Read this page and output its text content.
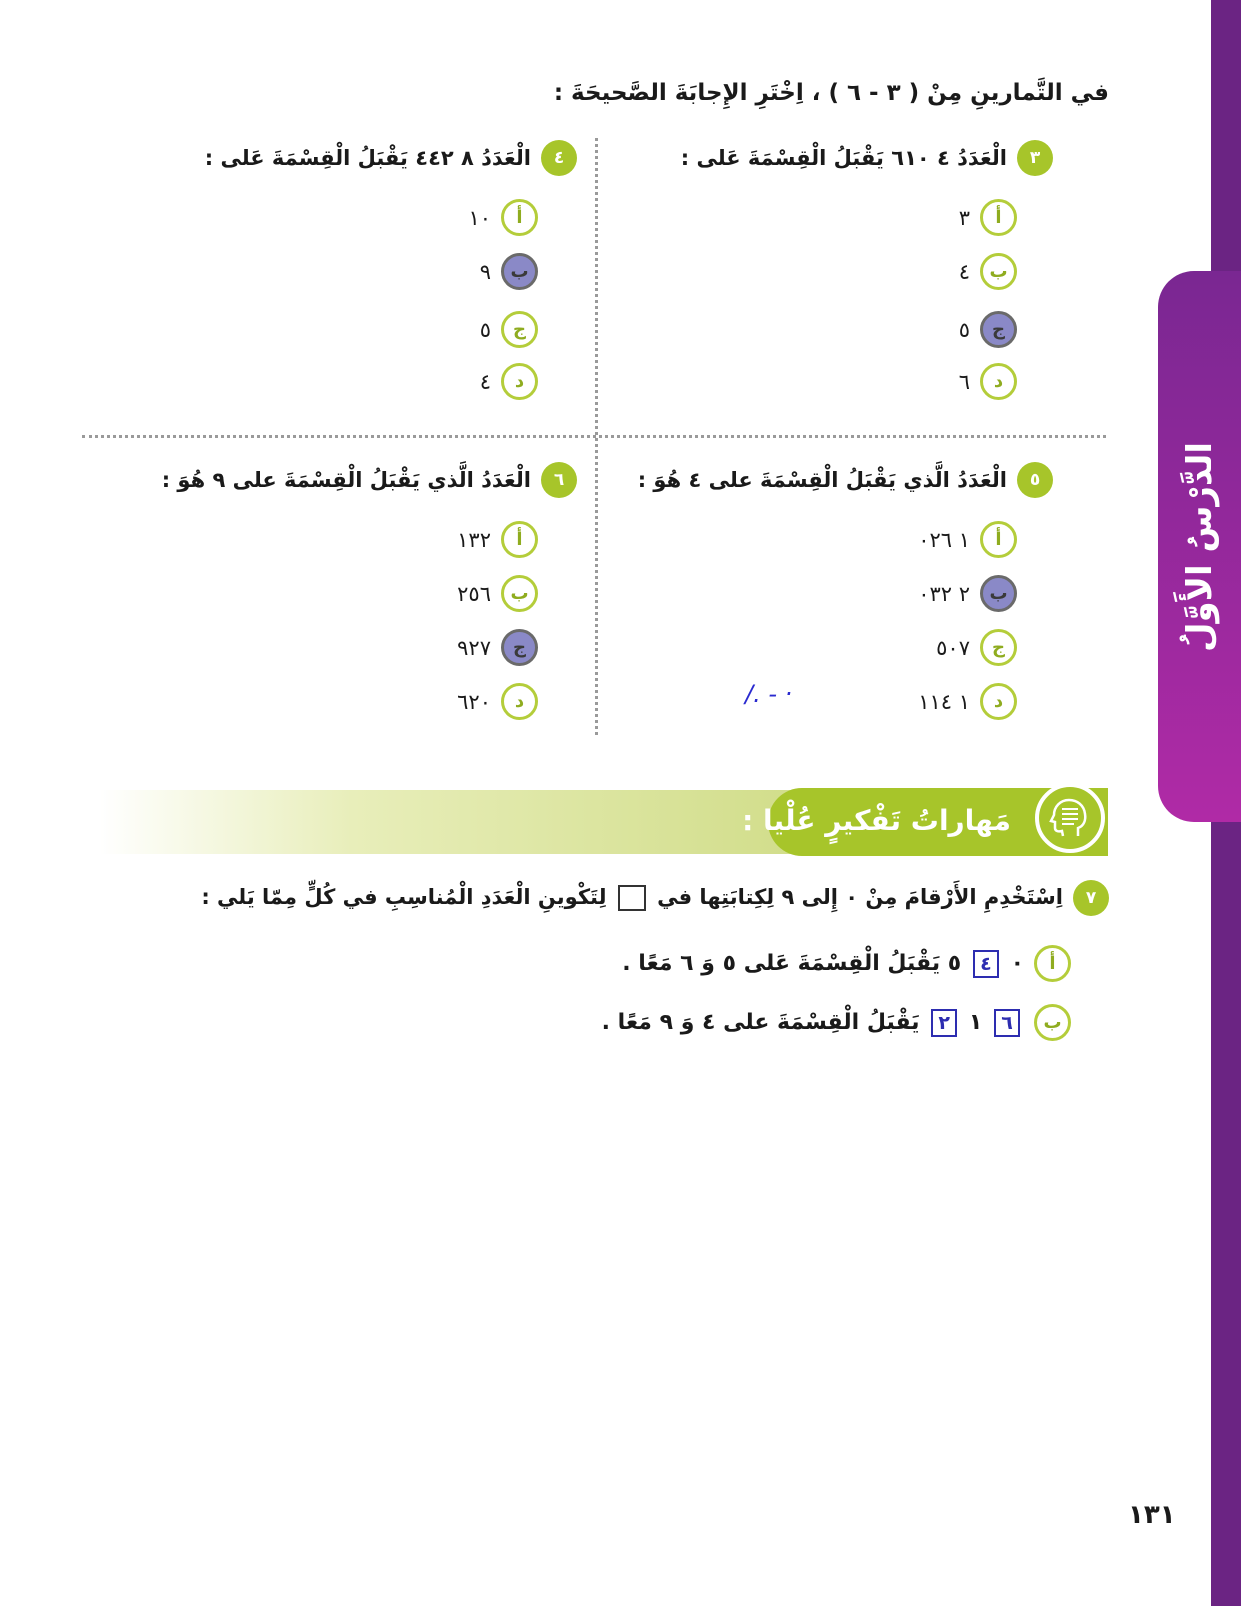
الدَّرْسُ الأَوَّلُ
في التَّمارينِ مِنْ ( ٣ - ٦ ) ، اِخْتَرِ الإِجابَةَ الصَّحيحَةَ :
٣
الْعَدَدُ ٤ ٦١٠ يَقْبَلُ الْقِسْمَةَ عَلى :
أ
٣
ب
٤
ج
٥
د
٦
٤
الْعَدَدُ ٨ ٤٤٢ يَقْبَلُ الْقِسْمَةَ عَلى :
أ
١٠
ب
٩
ج
٥
د
٤
٥
الْعَدَدُ الَّذي يَقْبَلُ الْقِسْمَةَ على ٤ هُوَ :
أ
١ ٠٢٦
ب
٢ ٠٣٢
ج
٥٠٧
د
١ ١١٤
٦
الْعَدَدُ الَّذي يَقْبَلُ الْقِسْمَةَ على ٩ هُوَ :
أ
١٣٢
ب
٢٥٦
ج
٩٢٧
د
٦٢٠	/. - ·
مَهاراتُ تَفْكيرٍ عُلْيا :
٧
اِسْتَخْدِمِ الأَرْقامَ مِنْ ٠ إِلى ٩ لِكِتابَتِها في  لِتَكْوينِ الْعَدَدِ الْمُناسِبِ في كُلٍّ مِمّا يَلي :
أ
٠ ٤ ٥ يَقْبَلُ الْقِسْمَةَ عَلى ٥ وَ ٦ مَعًا .
ب
٦ ١ ٢ يَقْبَلُ الْقِسْمَةَ على ٤ وَ ٩ مَعًا .
١٣١
